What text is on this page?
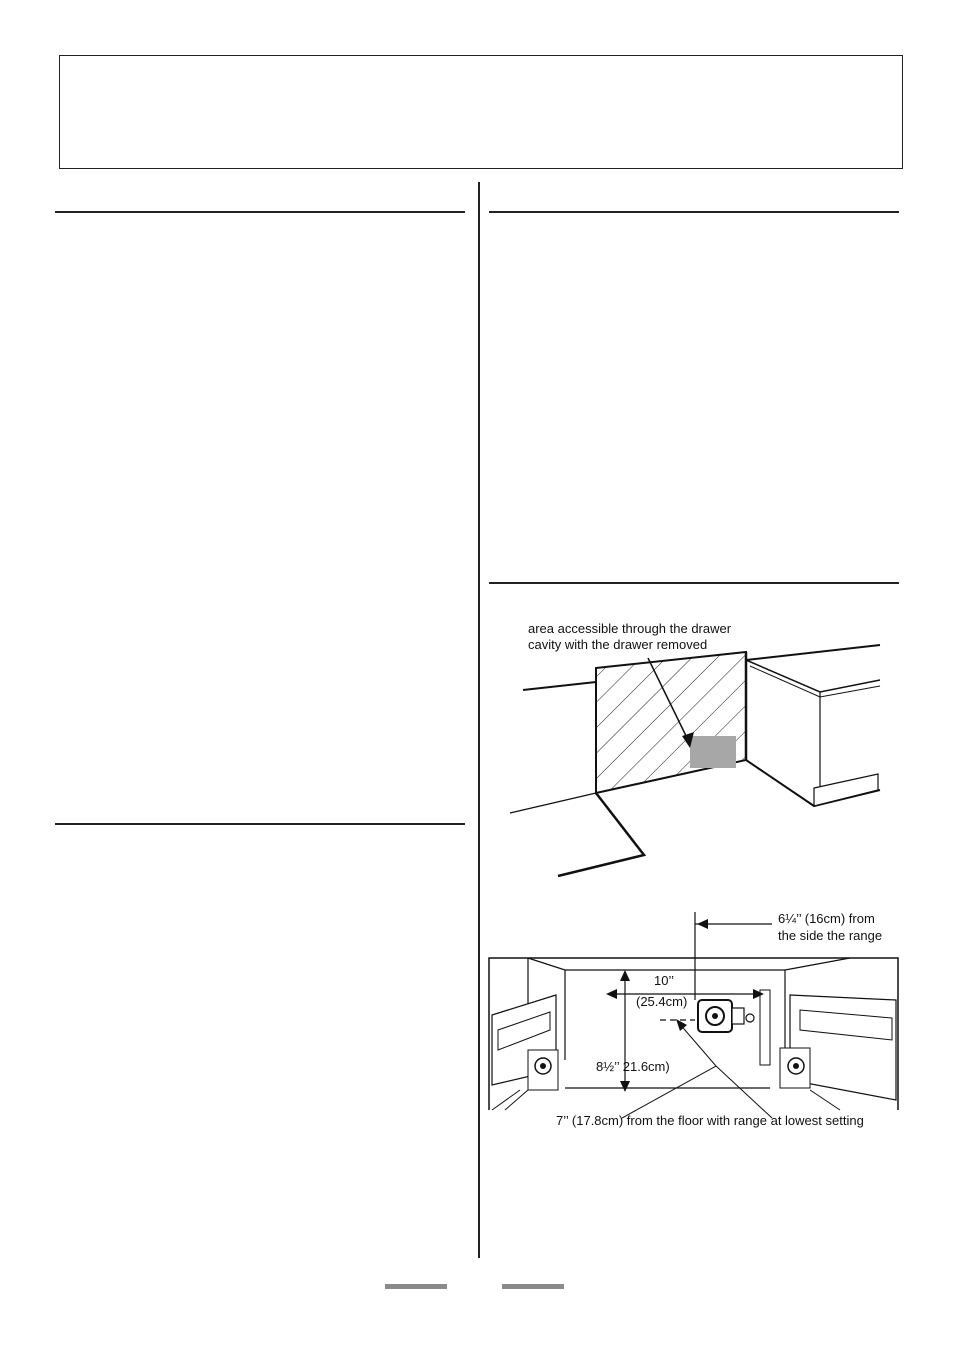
area accessible through the drawer
cavity with the drawer removed
6¼’’ (16cm) from
the side the range
10’’
(25.4cm)
8½’’ 21.6cm)
7’’ (17.8cm) from the floor with range at lowest setting
